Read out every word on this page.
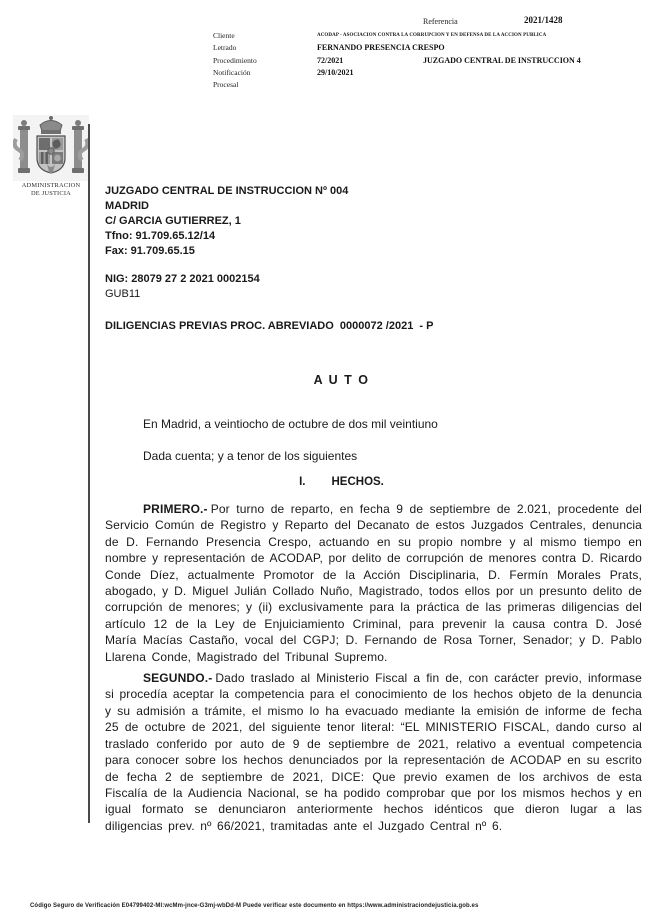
Referencia	2021/1428
Cliente	ACODAP - ASOCIACION CONTRA LA CORRUPCION Y EN DEFENSA DE LA ACCION PUBLICA
Letrado	FERNANDO PRESENCIA CRESPO
Procedimiento	72/2021	JUZGADO CENTRAL DE INSTRUCCION 4
Notificación	29/10/2021
Procesal
ADMINISTRACION
DE JUSTICIA	JUZGADO CENTRAL DE INSTRUCCION Nº 004
MADRID
C/ GARCIA GUTIERREZ, 1
Tfno: 91.709.65.12/14
Fax: 91.709.65.15
NIG: 28079 27 2 2021 0002154
GUB11
DILIGENCIAS PREVIAS PROC. ABREVIADO  0000072 /2021  - P
A U T O
En Madrid, a veintiocho de octubre de dos mil veintiuno
Dada cuenta; y a tenor de los siguientes
I. HECHOS.

PRIMERO.- Por turno de reparto, en fecha 9 de septiembre de 2.021, procedente del Servicio Común de Registro y Reparto del Decanato de estos Juzgados Centrales, denuncia de D. Fernando Presencia Crespo, actuando en su propio nombre y al mismo tiempo en nombre y representación de ACODAP, por delito de corrupción de menores contra D. Ricardo Conde Díez, actualmente Promotor de la Acción Disciplinaria, D. Fermín Morales Prats, abogado, y D. Miguel Julián Collado Nuño, Magistrado, todos ellos por un presunto delito de corrupción de menores; y (ii) exclusivamente para la práctica de las primeras diligencias del artículo 12 de la Ley de Enjuiciamiento Criminal, para prevenir la causa contra D. José María Macías Castaño, vocal del CGPJ; D. Fernando de Rosa Torner, Senador; y D. Pablo Llarena Conde, Magistrado del Tribunal Supremo.

SEGUNDO.- Dado traslado al Ministerio Fiscal a fin de, con carácter previo, informase si procedía aceptar la competencia para el conocimiento de los hechos objeto de la denuncia y su admisión a trámite, el mismo lo ha evacuado mediante la emisión de informe de fecha 25 de octubre de 2021, del siguiente tenor literal: “EL MINISTERIO FISCAL, dando curso al traslado conferido por auto de 9 de septiembre de 2021, relativo a eventual competencia para conocer sobre los hechos denunciados por la representación de ACODAP en su escrito de fecha 2 de septiembre de 2021, DICE: Que previo examen de los archivos de esta Fiscalía de la Audiencia Nacional, se ha podido comprobar que por los mismos hechos y en igual formato se denunciaron anteriormente hechos idénticos que dieron lugar a las diligencias prev. nº 66/2021, tramitadas ante el Juzgado Central nº 6.

Código Seguro de Verificación E04799402-MI:wcMm-jnce-G3mj-wbDd-M Puede verificar este documento en https://www.administraciondejusticia.gob.es
